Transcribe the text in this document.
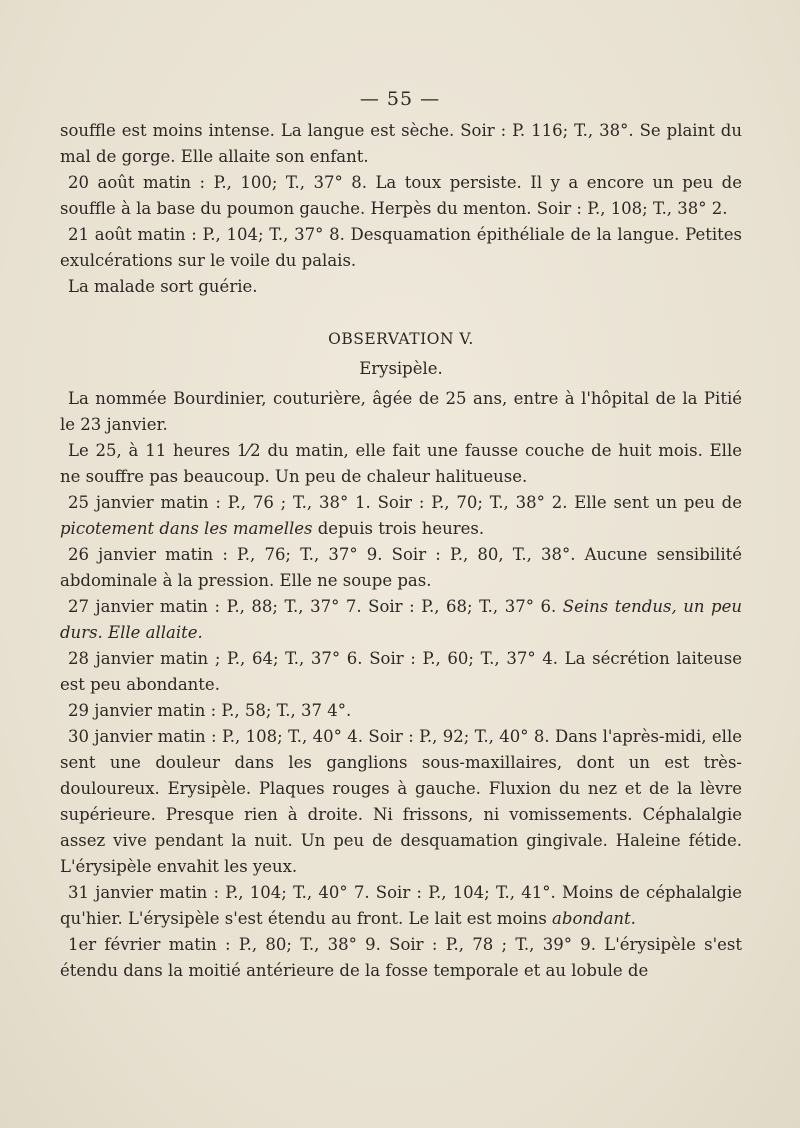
— 55 —

souffle est moins intense. La langue est sèche. Soir : P. 116; T., 38°. Se plaint du mal de gorge. Elle allaite son enfant.

20 août matin : P., 100; T., 37° 8. La toux persiste. Il y a encore un peu de souffle à la base du poumon gauche. Herpès du menton. Soir : P., 108; T., 38° 2.

21 août matin : P., 104; T., 37° 8. Desquamation épithéliale de la langue. Petites exulcérations sur le voile du palais.

La malade sort guérie.

OBSERVATION V.

Erysipèle.

La nommée Bourdinier, couturière, âgée de 25 ans, entre à l'hôpital de la Pitié le 23 janvier.

Le 25, à 11 heures 1⁄2 du matin, elle fait une fausse couche de huit mois. Elle ne souffre pas beaucoup. Un peu de chaleur halitueuse.

25 janvier matin : P., 76 ; T., 38° 1. Soir : P., 70; T., 38° 2. Elle sent un peu de picotement dans les mamelles depuis trois heures.

26 janvier matin : P., 76; T., 37° 9. Soir : P., 80, T., 38°. Aucune sensibilité abdominale à la pression. Elle ne soupe pas.

27 janvier matin : P., 88; T., 37° 7. Soir : P., 68; T., 37° 6. Seins tendus, un peu durs. Elle allaite.

28 janvier matin ; P., 64; T., 37° 6. Soir : P., 60; T., 37° 4. La sécrétion laiteuse est peu abondante.

29 janvier matin : P., 58; T., 37 4°.

30 janvier matin : P., 108; T., 40° 4. Soir : P., 92; T., 40° 8. Dans l'après-midi, elle sent une douleur dans les ganglions sous-maxillaires, dont un est très-douloureux. Erysipèle. Plaques rouges à gauche. Fluxion du nez et de la lèvre supérieure. Presque rien à droite. Ni frissons, ni vomissements. Céphalalgie assez vive pendant la nuit. Un peu de desquamation gingivale. Haleine fétide. L'érysipèle envahit les yeux.

31 janvier matin : P., 104; T., 40° 7. Soir : P., 104; T., 41°. Moins de céphalalgie qu'hier. L'érysipèle s'est étendu au front. Le lait est moins abondant.

1er février matin : P., 80; T., 38° 9. Soir : P., 78 ; T., 39° 9. L'érysipèle s'est étendu dans la moitié antérieure de la fosse temporale et au lobule de
